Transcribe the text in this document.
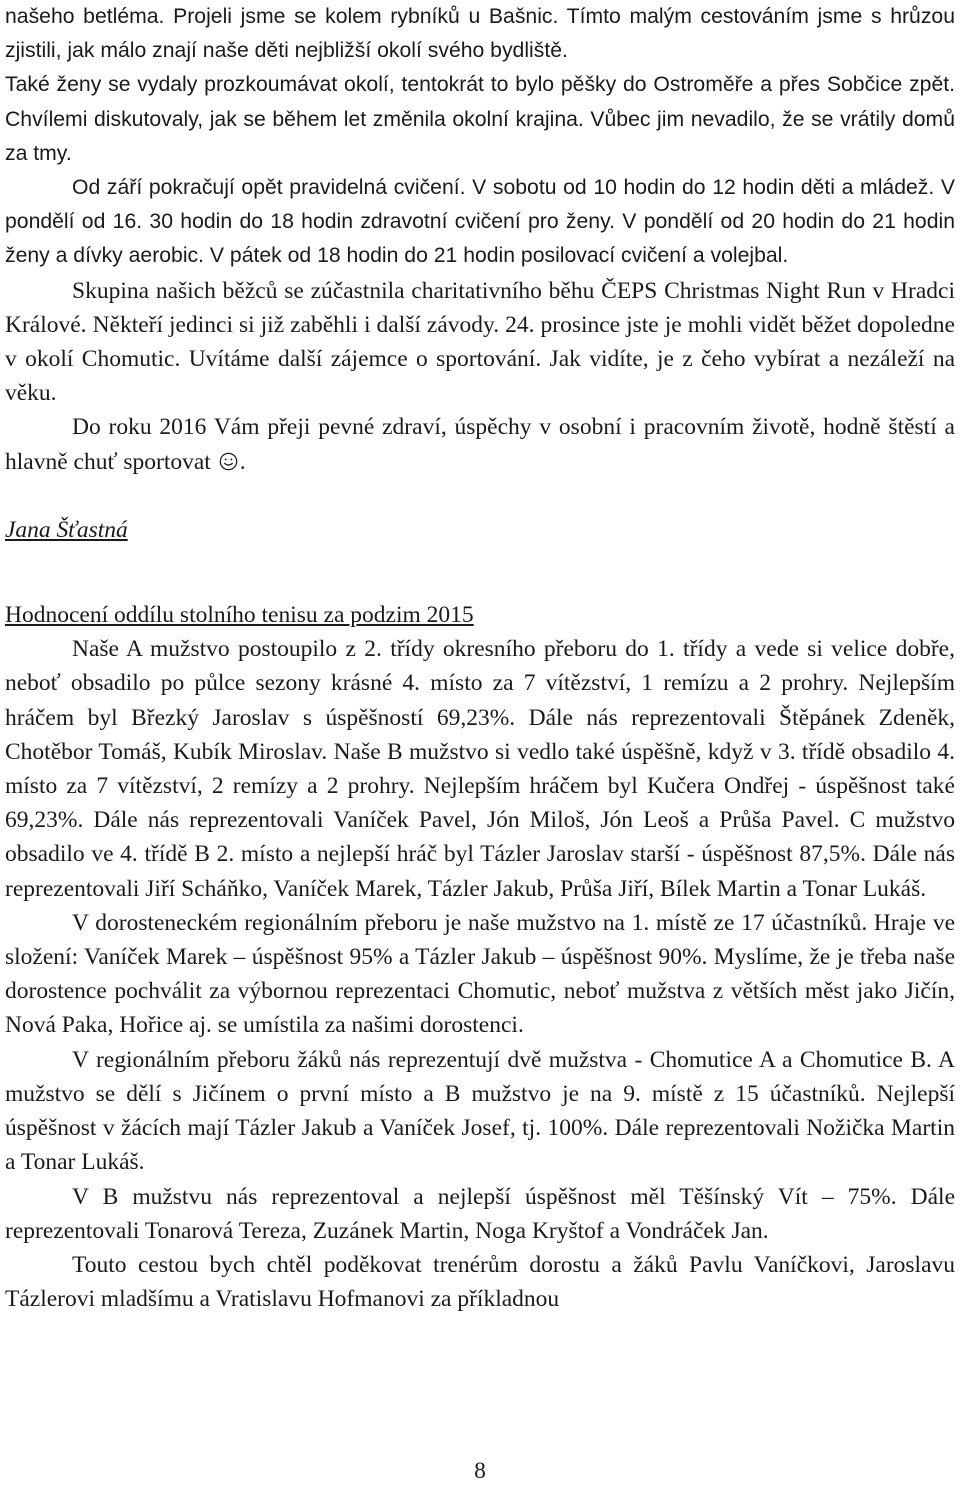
našeho betléma. Projeli jsme se kolem rybníků u Bašnic. Tímto malým cestováním jsme s hrůzou zjistili, jak málo znají naše děti nejbližší okolí svého bydliště.

Také ženy se vydaly prozkoumávat okolí, tentokrát to bylo pěšky do Ostroměře a přes Sobčice zpět. Chvílemi diskutovaly, jak se během let změnila okolní krajina. Vůbec jim nevadilo, že se vrátily domů za tmy.

Od září pokračují opět pravidelná cvičení. V sobotu od 10 hodin do 12 hodin děti a mládež. V pondělí od 16. 30 hodin do 18 hodin zdravotní cvičení pro ženy. V pondělí od 20 hodin do 21 hodin ženy a dívky aerobic. V pátek od 18 hodin do 21 hodin posilovací cvičení a volejbal.

Skupina našich běžců se zúčastnila charitativního běhu ČEPS Christmas Night Run v Hradci Králové. Někteří jedinci si již zaběhli i další závody. 24. prosince jste je mohli vidět běžet dopoledne v okolí Chomutic. Uvítáme další zájemce o sportování. Jak vidíte, je z čeho vybírat a nezáleží na věku.

Do roku 2016 Vám přeji pevné zdraví, úspěchy v osobní i pracovním životě, hodně štěstí a hlavně chuť sportovat .

Jana Šťastná

Hodnocení oddílu stolního tenisu za podzim 2015

Naše A mužstvo postoupilo z 2. třídy okresního přeboru do 1. třídy a vede si velice dobře, neboť obsadilo po půlce sezony krásné 4. místo za 7 vítězství, 1 remízu a 2 prohry. Nejlepším hráčem byl Březký Jaroslav s úspěšností 69,23%. Dále nás reprezentovali Štěpánek Zdeněk, Chotěbor Tomáš, Kubík Miroslav. Naše B mužstvo si vedlo také úspěšně, když v 3. třídě obsadilo 4. místo za 7 vítězství, 2 remízy a 2 prohry. Nejlepším hráčem byl Kučera Ondřej - úspěšnost také 69,23%. Dále nás reprezentovali Vaníček Pavel, Jón Miloš, Jón Leoš a Průša Pavel. C mužstvo obsadilo ve 4. třídě B 2. místo a nejlepší hráč byl Tázler Jaroslav starší - úspěšnost 87,5%. Dále nás reprezentovali Jiří Scháňko, Vaníček Marek, Tázler Jakub, Průša Jiří, Bílek Martin a Tonar Lukáš.

V dorosteneckém regionálním přeboru je naše mužstvo na 1. místě ze 17 účastníků. Hraje ve složení: Vaníček Marek – úspěšnost 95% a Tázler Jakub – úspěšnost 90%. Myslíme, že je třeba naše dorostence pochválit za výbornou reprezentaci Chomutic, neboť mužstva z větších měst jako Jičín, Nová Paka, Hořice aj. se umístila za našimi dorostenci.

V regionálním přeboru žáků nás reprezentují dvě mužstva - Chomutice A a Chomutice B. A mužstvo se dělí s Jičínem o první místo a B mužstvo je na 9. místě z 15 účastníků. Nejlepší úspěšnost v žácích mají Tázler Jakub a Vaníček Josef, tj. 100%. Dále reprezentovali Nožička Martin a Tonar Lukáš.

V B mužstvu nás reprezentoval a nejlepší úspěšnost měl Těšínský Vít – 75%. Dále reprezentovali Tonarová Tereza, Zuzánek Martin, Noga Kryštof a Vondráček Jan.

Touto cestou bych chtěl poděkovat trenérům dorostu a žáků Pavlu Vaníčkovi, Jaroslavu Tázlerovi mladšímu a Vratislavu Hofmanovi za příkladnou

8
